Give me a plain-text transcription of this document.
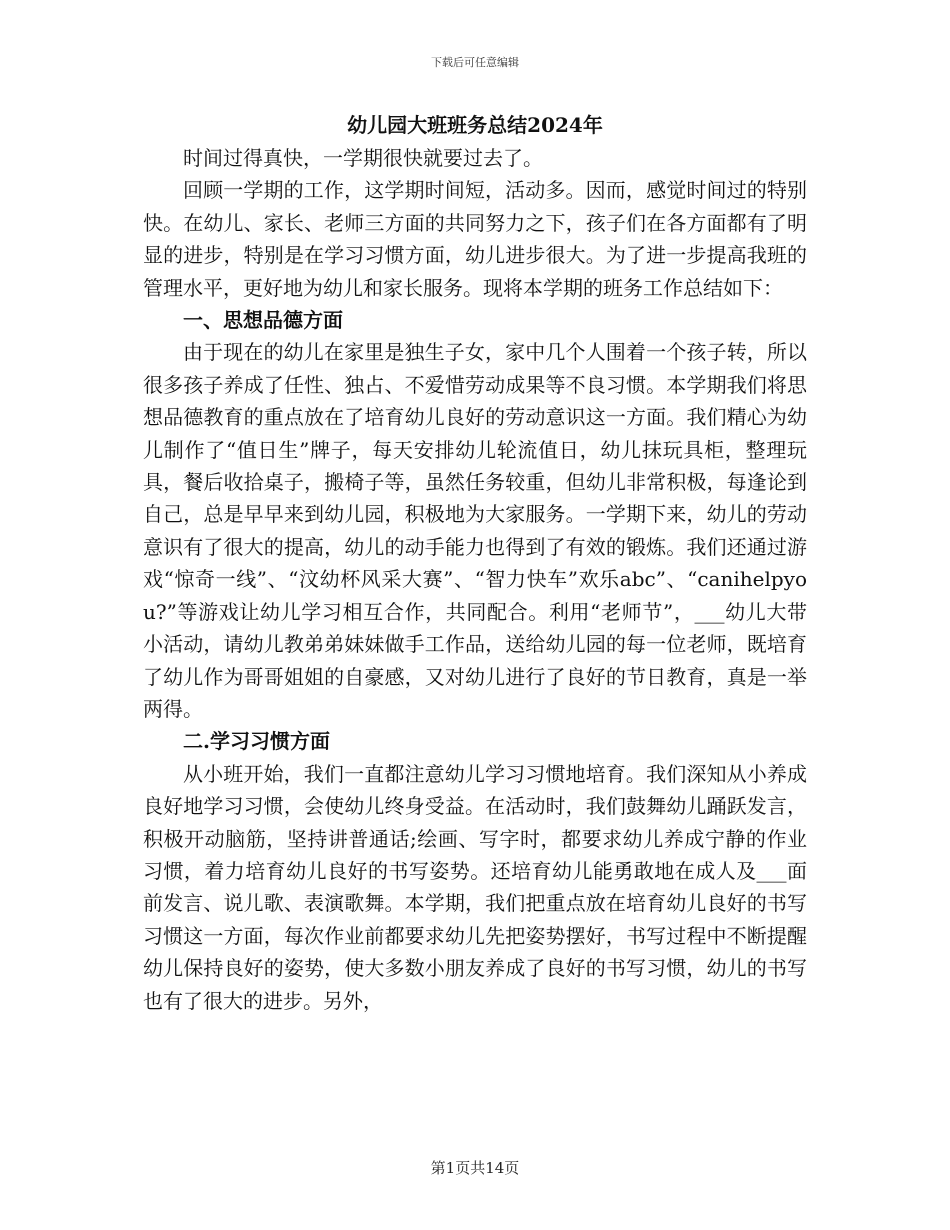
下载后可任意编辑
幼儿园大班班务总结2024年

时间过得真快，一学期很快就要过去了。

回顾一学期的工作，这学期时间短，活动多。因而，感觉时间过的特别快。在幼儿、家长、老师三方面的共同努力之下，孩子们在各方面都有了明显的进步，特别是在学习习惯方面，幼儿进步很大。为了进一步提高我班的管理水平，更好地为幼儿和家长服务。现将本学期的班务工作总结如下：

一、思想品德方面

由于现在的幼儿在家里是独生子女，家中几个人围着一个孩子转，所以很多孩子养成了任性、独占、不爱惜劳动成果等不良习惯。本学期我们将思想品德教育的重点放在了培育幼儿良好的劳动意识这一方面。我们精心为幼儿制作了“值日生”牌子，每天安排幼儿轮流值日，幼儿抹玩具柜，整理玩具，餐后收拾桌子，搬椅子等，虽然任务较重，但幼儿非常积极，每逢论到自己，总是早早来到幼儿园，积极地为大家服务。一学期下来，幼儿的劳动意识有了很大的提高，幼儿的动手能力也得到了有效的锻炼。我们还通过游戏“惊奇一线”、“汶幼杯风采大赛”、“智力快车”欢乐abc”、“canihelpyou?”等游戏让幼儿学习相互合作，共同配合。利用“老师节”，___幼儿大带小活动，请幼儿教弟弟妹妹做手工作品，送给幼儿园的每一位老师，既培育了幼儿作为哥哥姐姐的自豪感，又对幼儿进行了良好的节日教育，真是一举两得。

二.学习习惯方面

从小班开始，我们一直都注意幼儿学习习惯地培育。我们深知从小养成良好地学习习惯，会使幼儿终身受益。在活动时，我们鼓舞幼儿踊跃发言，积极开动脑筋，坚持讲普通话;绘画、写字时，都要求幼儿养成宁静的作业习惯，着力培育幼儿良好的书写姿势。还培育幼儿能勇敢地在成人及___面前发言、说儿歌、表演歌舞。本学期，我们把重点放在培育幼儿良好的书写习惯这一方面，每次作业前都要求幼儿先把姿势摆好，书写过程中不断提醒幼儿保持良好的姿势，使大多数小朋友养成了良好的书写习惯，幼儿的书写也有了很大的进步。另外，

第1页共14页
